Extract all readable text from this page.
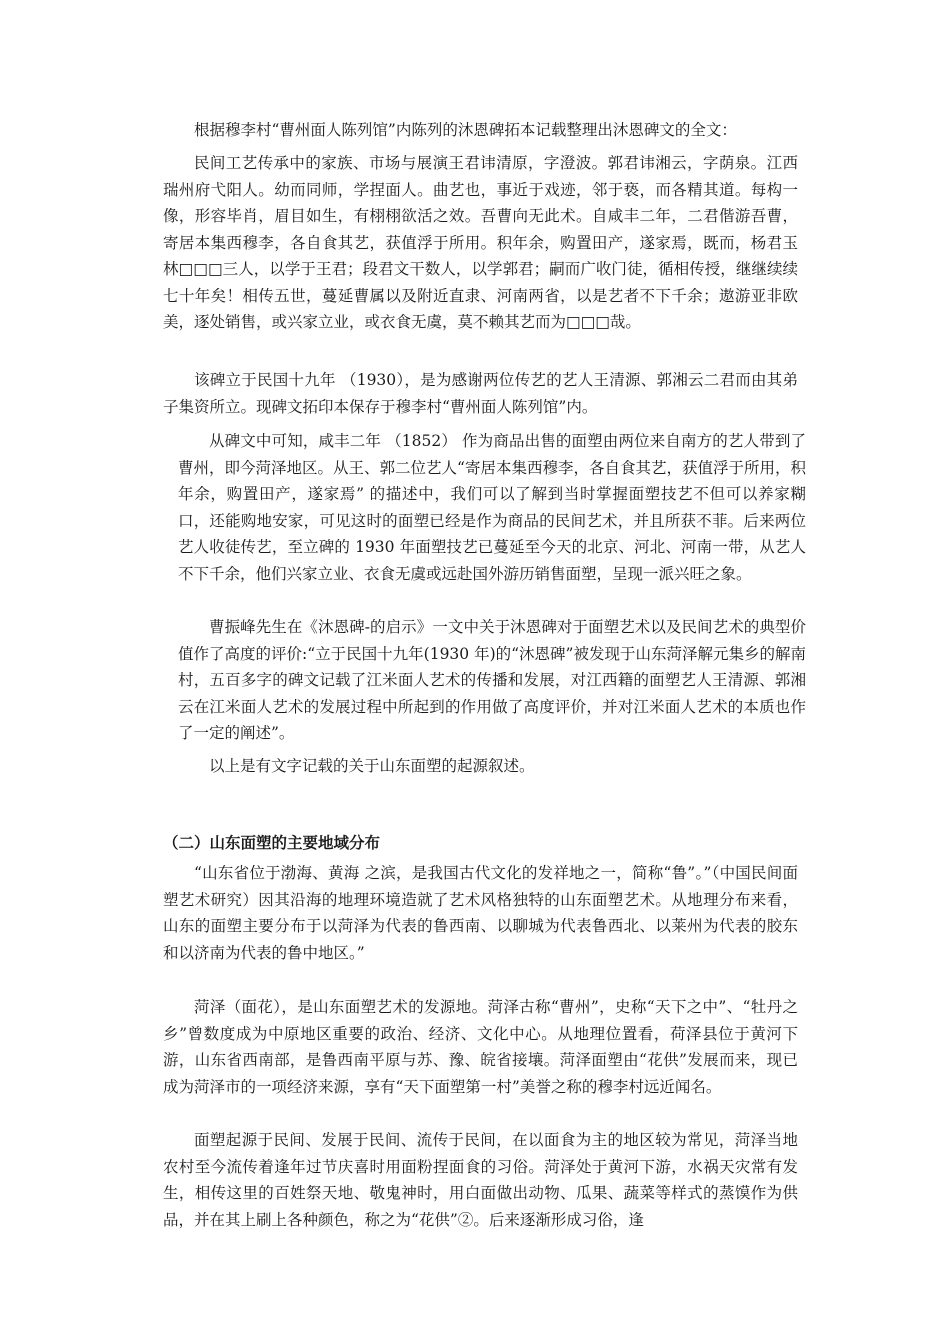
根据穆李村“曹州面人陈列馆”内陈列的沐恩碑拓本记载整理出沐恩碑文的全文：

民间工艺传承中的家族、市场与展演王君讳清原，字澄波。郭君讳湘云，字荫泉。江西瑞州府弋阳人。幼而同师，学捏面人。曲艺也，事近于戏迹，邻于亵，而各精其道。每构一像，形容毕肖，眉目如生，有栩栩欲活之效。吾曹向无此术。自咸丰二年，二君偕游吾曹，寄居本集西穆李，各自食其艺，获值浮于所用。积年余，购置田产，遂家焉，既而，杨君玉林□□□三人，以学于王君；段君文干数人，以学郭君；嗣而广收门徒，循相传授，继继续续七十年矣！相传五世，蔓延曹属以及附近直隶、河南两省，以是艺者不下千余；遨游亚非欧美，逐处销售，或兴家立业，或衣食无虞，莫不赖其艺而为□□□哉。

该碑立于民国十九年 （1930），是为感谢两位传艺的艺人王清源、郭湘云二君而由其弟子集资所立。现碑文拓印本保存于穆李村“曹州面人陈列馆”内。

从碑文中可知，咸丰二年 （1852） 作为商品出售的面塑由两位来自南方的艺人带到了曹州，即今菏泽地区。从王、郭二位艺人“寄居本集西穆李，各自食其艺，获值浮于所用，积年余，购置田产，遂家焉” 的描述中，我们可以了解到当时掌握面塑技艺不但可以养家糊口，还能购地安家，可见这时的面塑已经是作为商品的民间艺术，并且所获不菲。后来两位艺人收徒传艺，至立碑的 1930 年面塑技艺已蔓延至今天的北京、河北、河南一带，从艺人不下千余，他们兴家立业、衣食无虞或远赴国外游历销售面塑，呈现一派兴旺之象。

曹振峰先生在《沐恩碑-的启示》一文中关于沐恩碑对于面塑艺术以及民间艺术的典型价值作了高度的评价:“立于民国十九年(1930 年)的“沐恩碑”被发现于山东菏泽解元集乡的解南村，五百多字的碑文记载了江米面人艺术的传播和发展，对江西籍的面塑艺人王清源、郭湘云在江米面人艺术的发展过程中所起到的作用做了高度评价，并对江米面人艺术的本质也作了一定的阐述”。

以上是有文字记载的关于山东面塑的起源叙述。

（二）山东面塑的主要地域分布

“山东省位于渤海、黄海 之滨，是我国古代文化的发祥地之一，简称“鲁”。”（中国民间面塑艺术研究）因其沿海的地理环境造就了艺术风格独特的山东面塑艺术。从地理分布来看，山东的面塑主要分布于以菏泽为代表的鲁西南、以聊城为代表鲁西北、以莱州为代表的胶东和以济南为代表的鲁中地区。”

菏泽（面花），是山东面塑艺术的发源地。菏泽古称“曹州”，史称“天下之中”、“牡丹之乡”曾数度成为中原地区重要的政治、经济、文化中心。从地理位置看，荷泽县位于黄河下游，山东省西南部，是鲁西南平原与苏、豫、皖省接壤。菏泽面塑由“花供”发展而来，现已成为菏泽市的一项经济来源，享有“天下面塑第一村”美誉之称的穆李村远近闻名。

面塑起源于民间、发展于民间、流传于民间，在以面食为主的地区较为常见，菏泽当地农村至今流传着逢年过节庆喜时用面粉捏面食的习俗。菏泽处于黄河下游，水祸天灾常有发生，相传这里的百姓祭天地、敬鬼神时，用白面做出动物、瓜果、蔬菜等样式的蒸馍作为供品，并在其上刷上各种颜色，称之为“花供”②。后来逐渐形成习俗，逢
